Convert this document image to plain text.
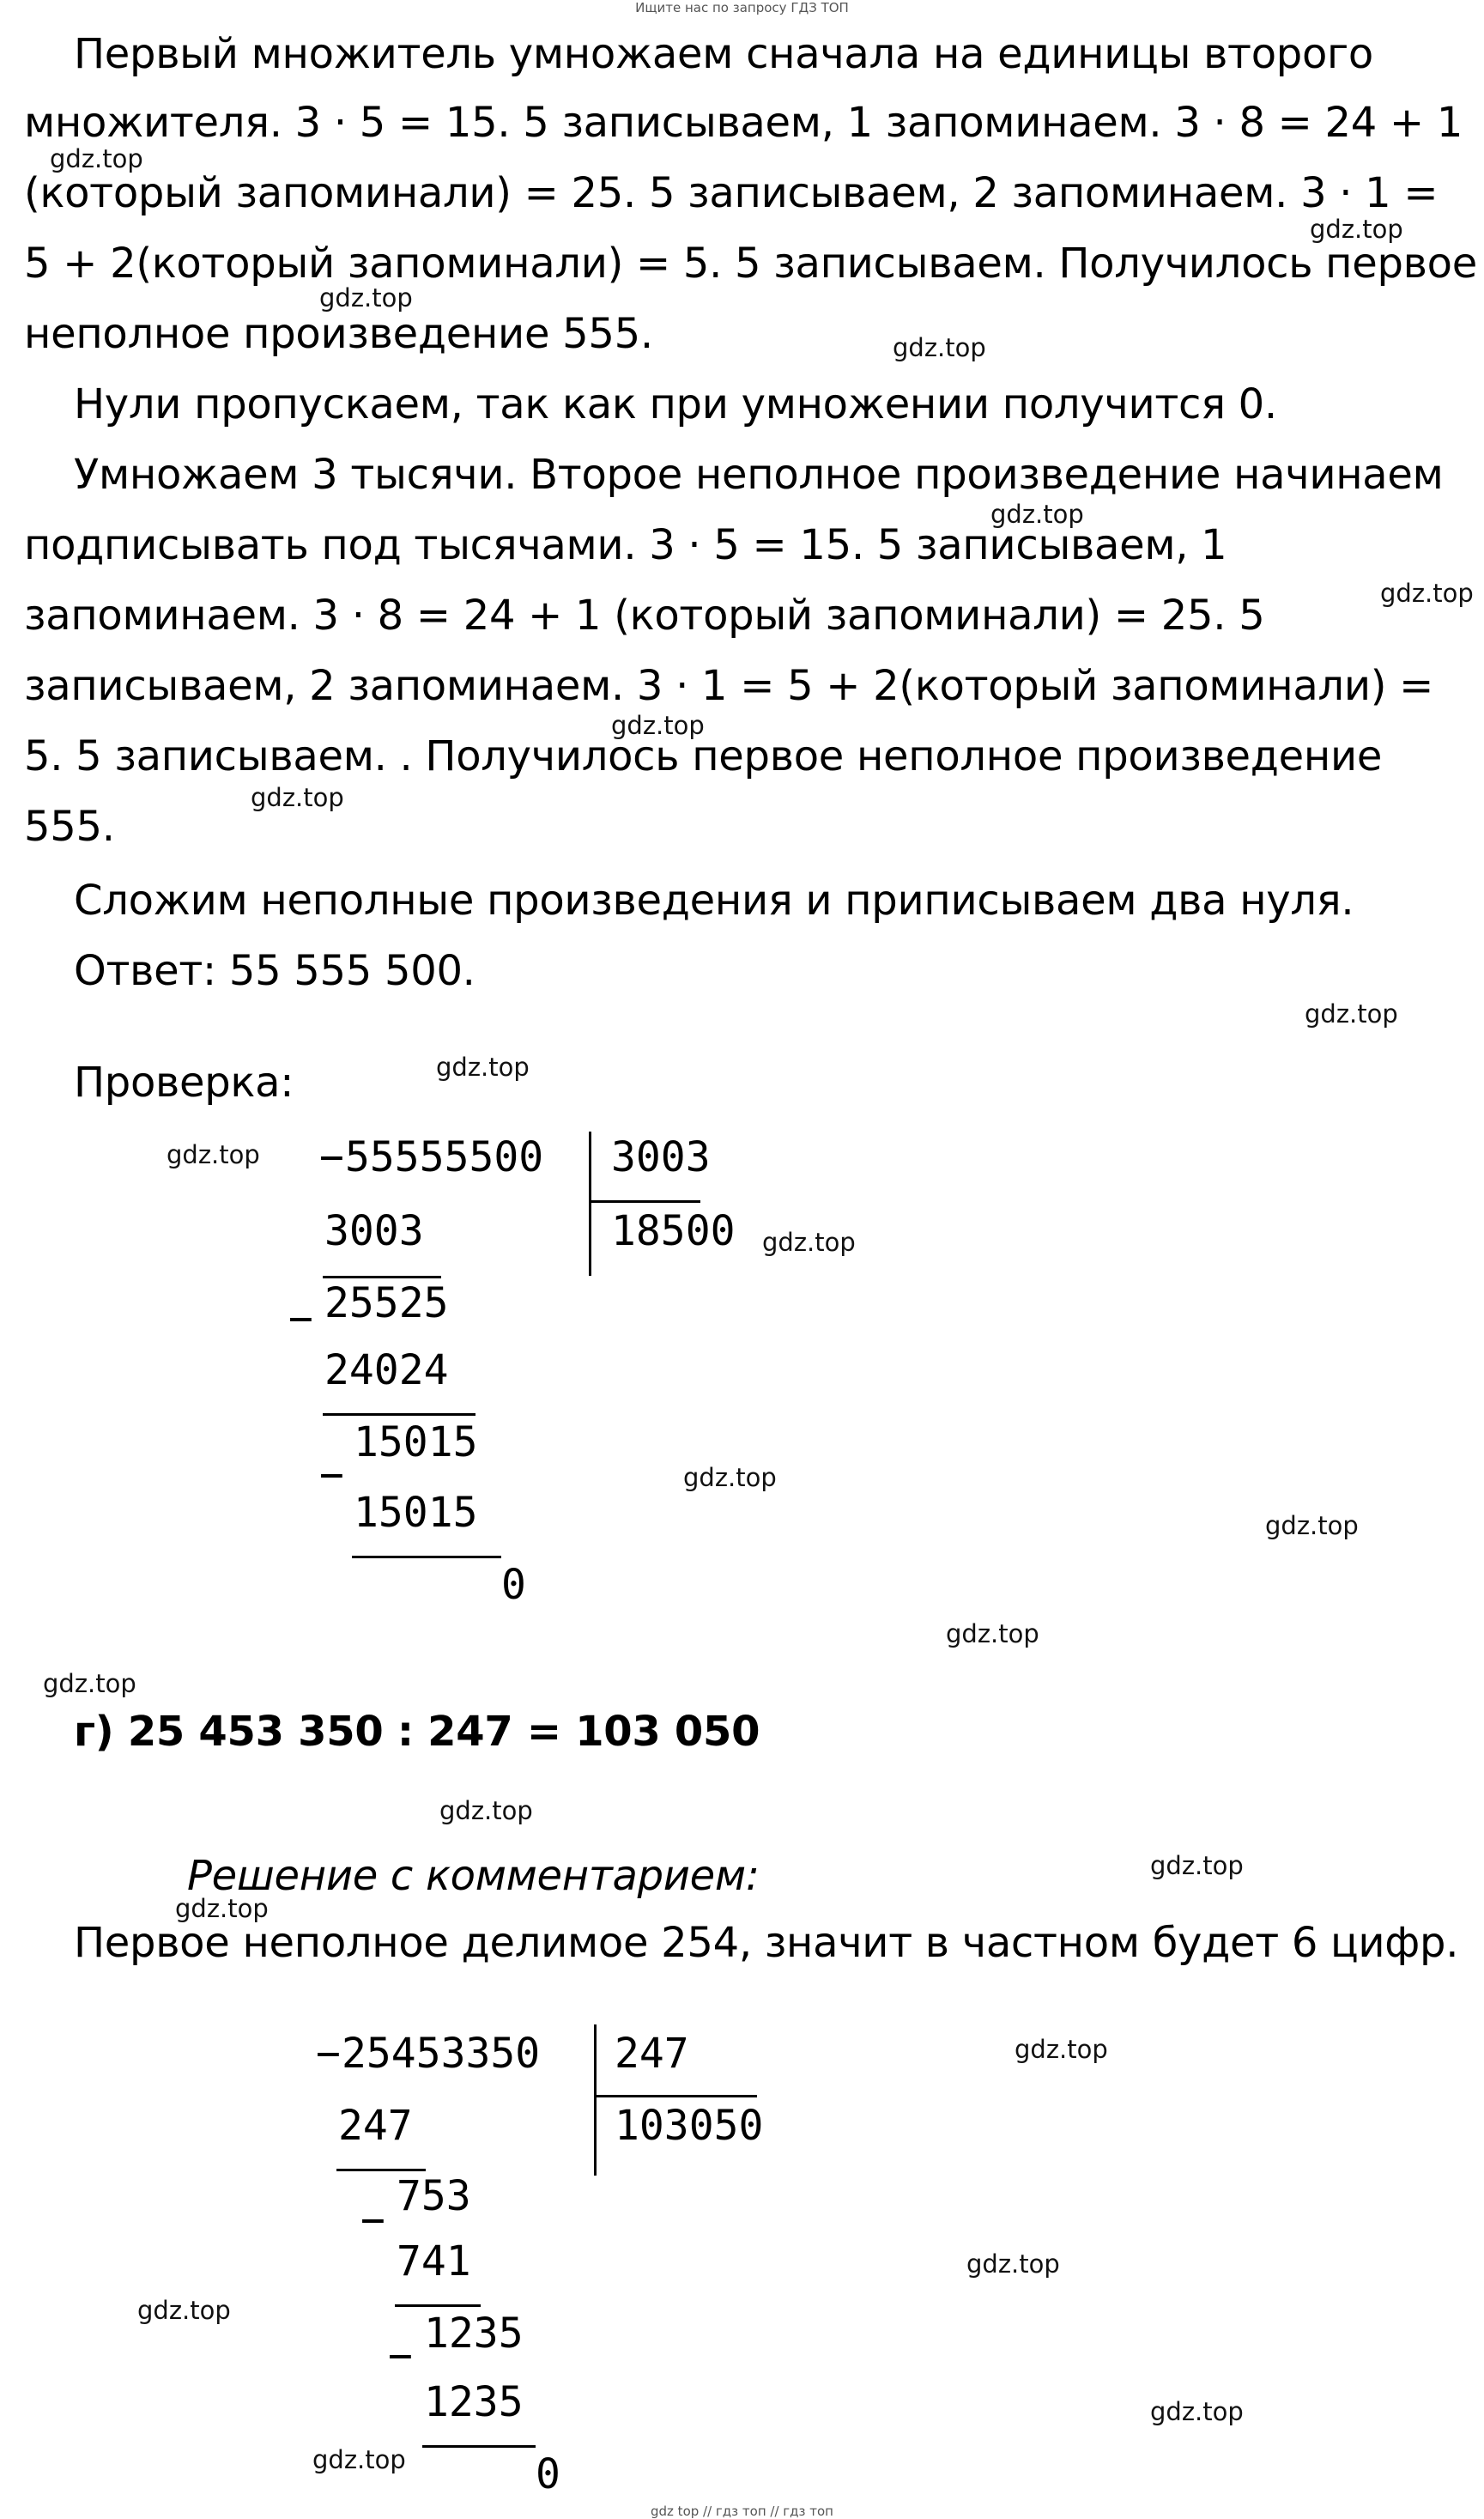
Ищите нас по запросу ГДЗ ТОП
Первый множитель умножаем сначала на единицы второго
множителя. 3 · 5 = 15. 5 записываем, 1 запоминаем. 3 · 8 = 24 + 1
(который запоминали) = 25. 5 записываем, 2 запоминаем. 3 · 1 =
5 + 2(который запоминали) = 5. 5 записываем. Получилось первое
неполное произведение 555.
Нули пропускаем, так как при умножении получится 0.
Умножаем 3 тысячи. Второе неполное произведение начинаем
подписывать под тысячами. 3 · 5 = 15. 5 записываем, 1
запоминаем. 3 · 8 = 24 + 1 (который запоминали) = 25. 5
записываем, 2 запоминаем. 3 · 1 = 5 + 2(который запоминали) =
5. 5 записываем. . Получилось первое неполное произведение
555.
Сложим неполные произведения и приписываем два нуля.
Ответ: 55 555 500.
Проверка:
− 55555500 3003
18500
3003
− 25525
24024
−
15015
15015
0
г) 25 453 350 : 247 = 103 050
Решение с комментарием:
Первое неполное делимое 254, значит в частном будет 6 цифр.
− 25453350 247
103050
247
− 753
741
− 1235
1235
0
gdz.top
gdz.top
gdz.top
gdz.top
gdz.top
gdz.top
gdz.top
gdz.top
gdz.top
gdz.top
gdz.top
gdz.top
gdz.top
gdz.top
gdz.top
gdz.top
gdz.top
gdz.top
gdz.top
gdz.top
gdz.top
gdz.top
gdz.top
gdz.top
gdz top // гдз топ // гдз топ
